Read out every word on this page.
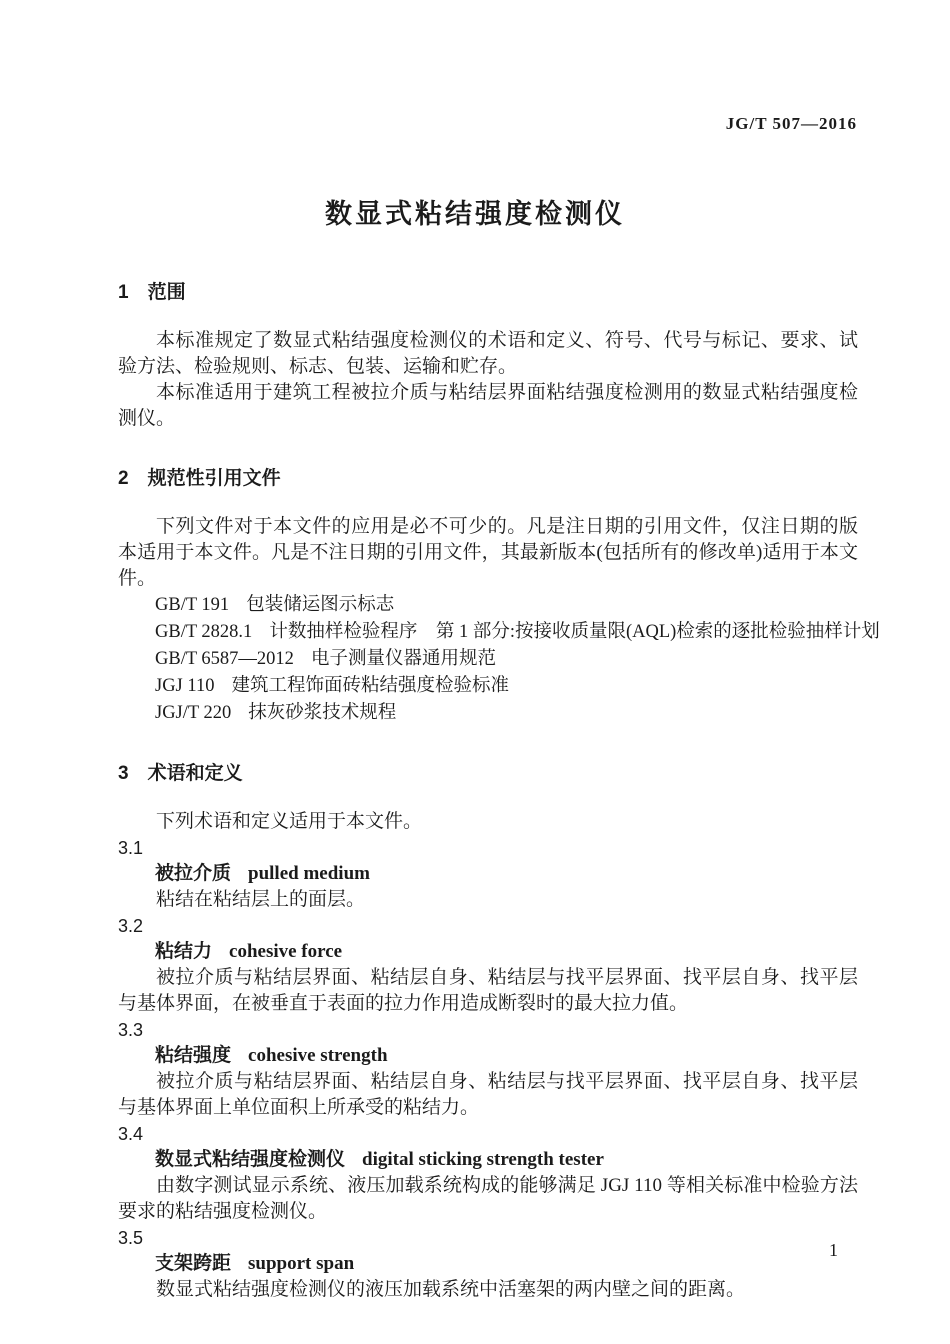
JG/T 507—2016
数显式粘结强度检测仪
1 范围

本标准规定了数显式粘结强度检测仪的术语和定义、符号、代号与标记、要求、试验方法、检验规则、标志、包装、运输和贮存。

本标准适用于建筑工程被拉介质与粘结层界面粘结强度检测用的数显式粘结强度检测仪。

2 规范性引用文件

下列文件对于本文件的应用是必不可少的。凡是注日期的引用文件，仅注日期的版本适用于本文件。凡是不注日期的引用文件，其最新版本(包括所有的修改单)适用于本文件。

GB/T 191 包装储运图示标志
GB/T 2828.1 计数抽样检验程序　第 1 部分:按接收质量限(AQL)检索的逐批检验抽样计划
GB/T 6587—2012 电子测量仪器通用规范
JGJ 110 建筑工程饰面砖粘结强度检验标准
JGJ/T 220 抹灰砂浆技术规程
3 术语和定义

下列术语和定义适用于本文件。

3.1
被拉介质 pulled medium

粘结在粘结层上的面层。

3.2
粘结力 cohesive force

被拉介质与粘结层界面、粘结层自身、粘结层与找平层界面、找平层自身、找平层与基体界面，在被垂直于表面的拉力作用造成断裂时的最大拉力值。

3.3
粘结强度 cohesive strength

被拉介质与粘结层界面、粘结层自身、粘结层与找平层界面、找平层自身、找平层与基体界面上单位面积上所承受的粘结力。

3.4
数显式粘结强度检测仪 digital sticking strength tester

由数字测试显示系统、液压加载系统构成的能够满足 JGJ 110 等相关标准中检验方法要求的粘结强度检测仪。

3.5
支架跨距 support span

数显式粘结强度检测仪的液压加载系统中活塞架的两内壁之间的距离。

1
